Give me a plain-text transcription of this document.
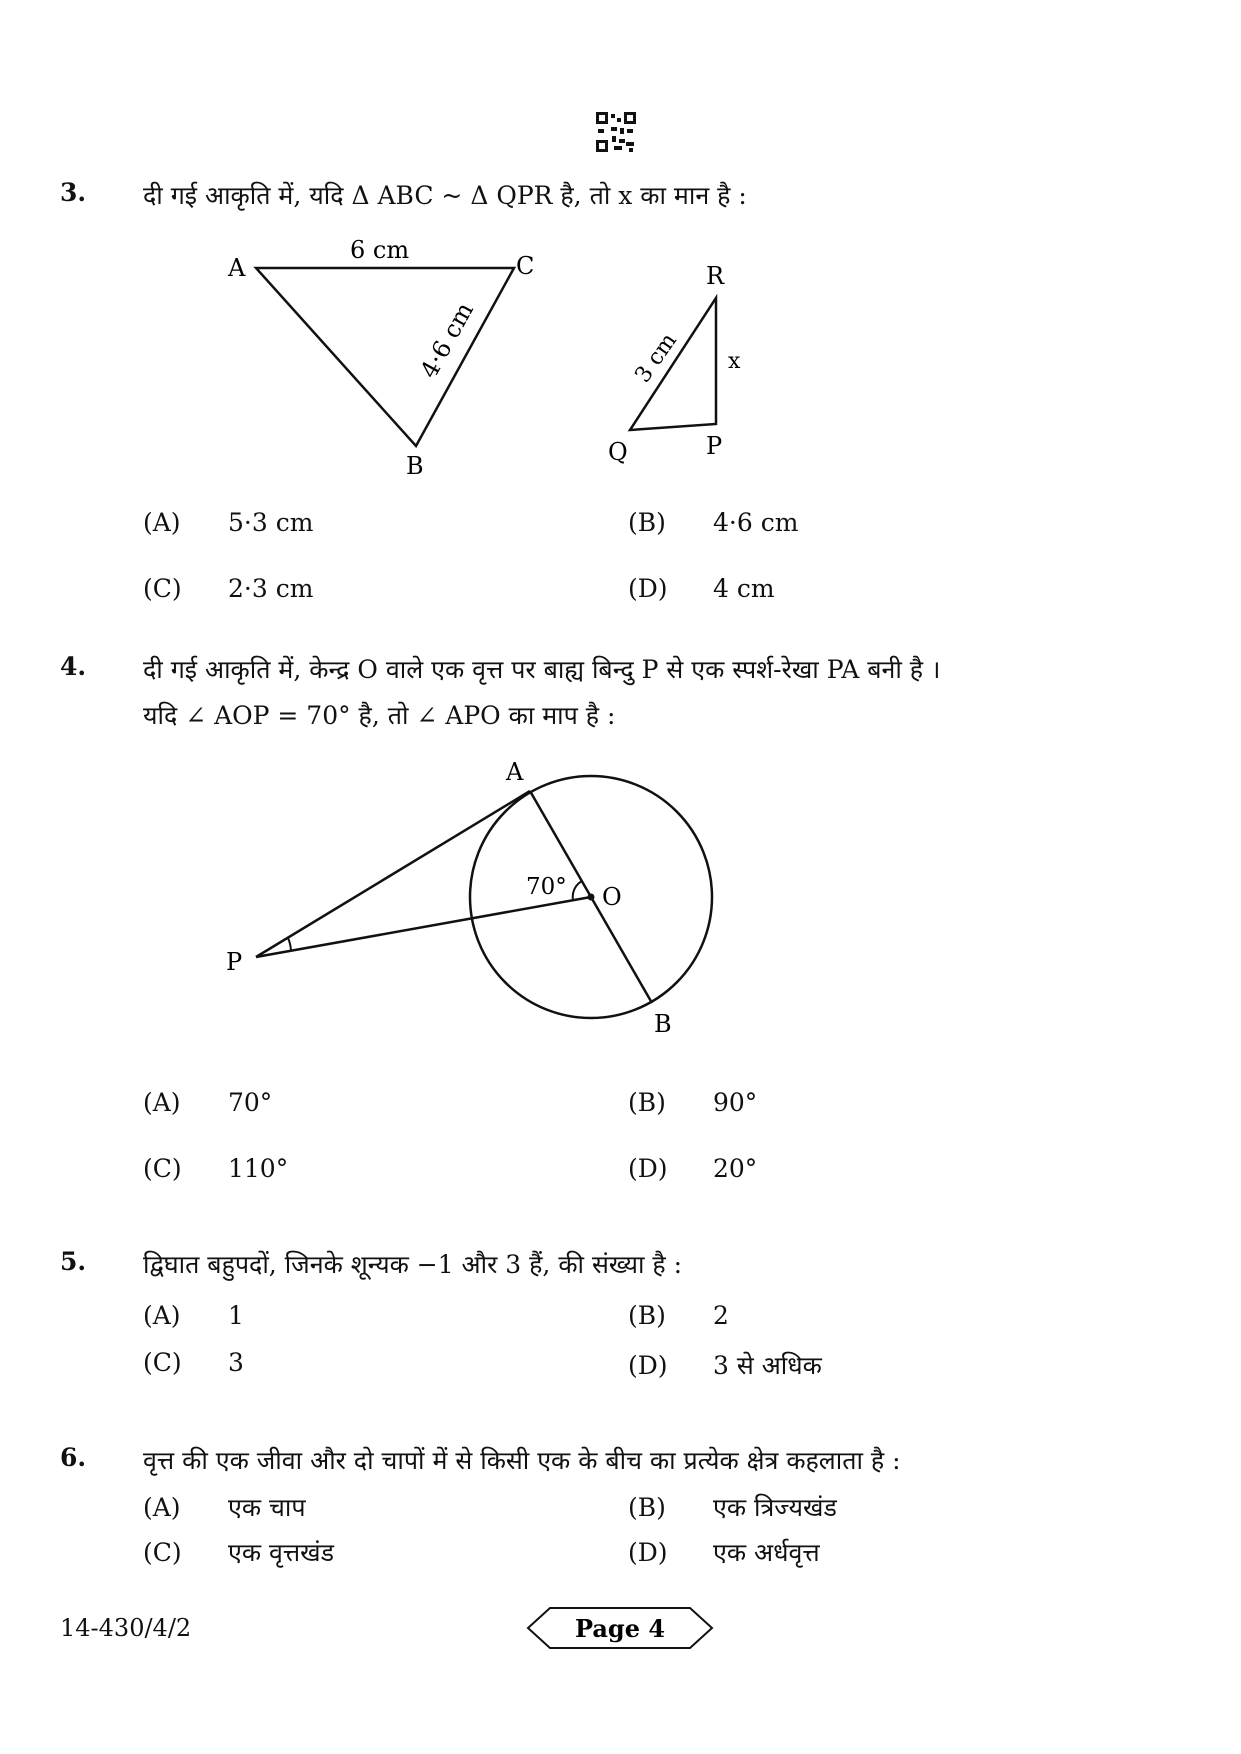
3. दी गई आकृति में, यदि Δ ABC ~ Δ QPR है, तो x का मान है :
A	C
B
6 cm
4·6 cm
R
Q	P
x
3 cm
(A) 5·3 cm	(B) 4·6 cm
(C) 2·3 cm	(D) 4 cm
4. दी गई आकृति में, केन्द्र O वाले एक वृत्त पर बाह्य बिन्दु P से एक स्पर्श-रेखा PA बनी है ।
यदि ∠ AOP = 70° है, तो ∠ APO का माप है :
70° O
A
P
B
(A) 70°	(B) 90°
(C) 110°	(D) 20°
5. द्विघात बहुपदों, जिनके शून्यक −1 और 3 हैं, की संख्या है :
(A) 1	(B) 2
(C) 3	(D) 3 से अधिक
6. वृत्त की एक जीवा और दो चापों में से किसी एक के बीच का प्रत्येक क्षेत्र कहलाता है :
(A) एक चाप	(B) एक त्रिज्यखंड
(C) एक वृत्तखंड	(D) एक अर्धवृत्त
14-430/4/2	Page 4
